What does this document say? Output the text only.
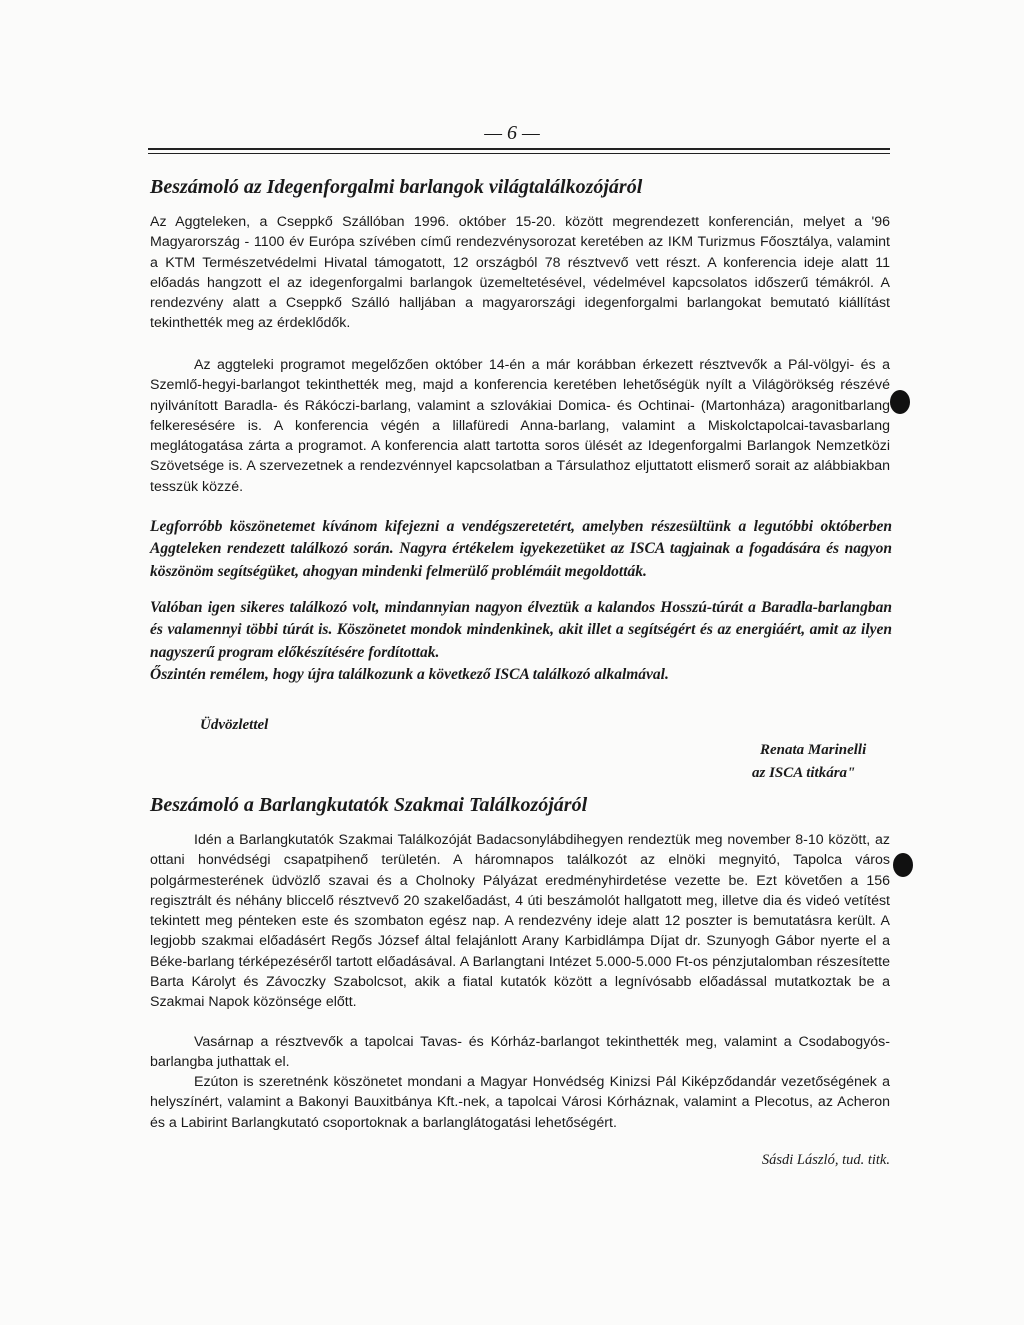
— 6 —
Beszámoló az Idegenforgalmi barlangok világtalálkozójáról

Az Aggteleken, a Cseppkő Szállóban 1996. október 15-20. között megrendezett konferencián, melyet a '96 Magyarország - 1100 év Európa szívében című rendezvénysorozat keretében az IKM Turizmus Főosztálya, valamint a KTM Természetvédelmi Hivatal támogatott, 12 országból 78 résztvevő vett részt. A konferencia ideje alatt 11 előadás hangzott el az idegenforgalmi barlangok üzemeltetésével, védelmével kapcsolatos időszerű témákról. A rendezvény alatt a Cseppkő Szálló halljában a magyarországi idegenforgalmi barlangokat bemutató kiállítást tekinthették meg az érdeklődők.

Az aggteleki programot megelőzően október 14-én a már korábban érkezett résztvevők a Pál-völgyi- és a Szemlő-hegyi-barlangot tekinthették meg, majd a konferencia keretében lehetőségük nyílt a Világörökség részévé nyilvánított Baradla- és Rákóczi-barlang, valamint a szlovákiai Domica- és Ochtinai- (Martonháza) aragonitbarlang felkeresésére is. A konferencia végén a lillafüredi Anna-barlang, valamint a Miskolctapolcai-tavasbarlang meglátogatása zárta a programot. A konferencia alatt tartotta soros ülését az Idegenforgalmi Barlangok Nemzetközi Szövetsége is. A szervezetnek a rendezvénnyel kapcsolatban a Társulathoz eljuttatott elismerő sorait az alábbiakban tesszük közzé.

Legforróbb köszönetemet kívánom kifejezni a vendégszeretetért, amelyben részesültünk a legutóbbi októberben Aggteleken rendezett találkozó során. Nagyra értékelem igyekezetüket az ISCA tagjainak a fogadására és nagyon köszönöm segítségüket, ahogyan mindenki felmerülő problémáit megoldották.

Valóban igen sikeres találkozó volt, mindannyian nagyon élveztük a kalandos Hosszú-túrát a Baradla-barlangban és valamennyi többi túrát is. Köszönetet mondok mindenkinek, akit illet a segítségért és az energiáért, amit az ilyen nagyszerű program előkészítésére fordítottak.

Őszintén remélem, hogy újra találkozunk a következő ISCA találkozó alkalmával.

Üdvözlettel
Renata Marinelli
az ISCA titkára"
Beszámoló a Barlangkutatók Szakmai Találkozójáról

Idén a Barlangkutatók Szakmai Találkozóját Badacsonylábdihegyen rendeztük meg november 8-10 között, az ottani honvédségi csapatpihenő területén. A háromnapos találkozót az elnöki megnyitó, Tapolca város polgármesterének üdvözlő szavai és a Cholnoky Pályázat eredményhirdetése vezette be. Ezt követően a 156 regisztrált és néhány bliccelő résztvevő 20 szakelőadást, 4 úti beszámolót hallgatott meg, illetve dia és videó vetítést tekintett meg pénteken este és szombaton egész nap. A rendezvény ideje alatt 12 poszter is bemutatásra került. A legjobb szakmai előadásért Regős József által felajánlott Arany Karbidlámpa Díjat dr. Szunyogh Gábor nyerte el a Béke-barlang térképezéséről tartott előadásával. A Barlangtani Intézet 5.000-5.000 Ft-os pénzjutalomban részesítette Barta Károlyt és Závoczky Szabolcsot, akik a fiatal kutatók között a legnívósabb előadással mutatkoztak be a Szakmai Napok közönsége előtt.

Vasárnap a résztvevők a tapolcai Tavas- és Kórház-barlangot tekinthették meg, valamint a Csodabogyós-barlangba juthattak el.

Ezúton is szeretnénk köszönetet mondani a Magyar Honvédség Kinizsi Pál Kiképződandár vezetőségének a helyszínért, valamint a Bakonyi Bauxitbánya Kft.-nek, a tapolcai Városi Kórháznak, valamint a Plecotus, az Acheron és a Labirint Barlangkutató csoportoknak a barlanglátogatási lehetőségért.

Sásdi László, tud. titk.
